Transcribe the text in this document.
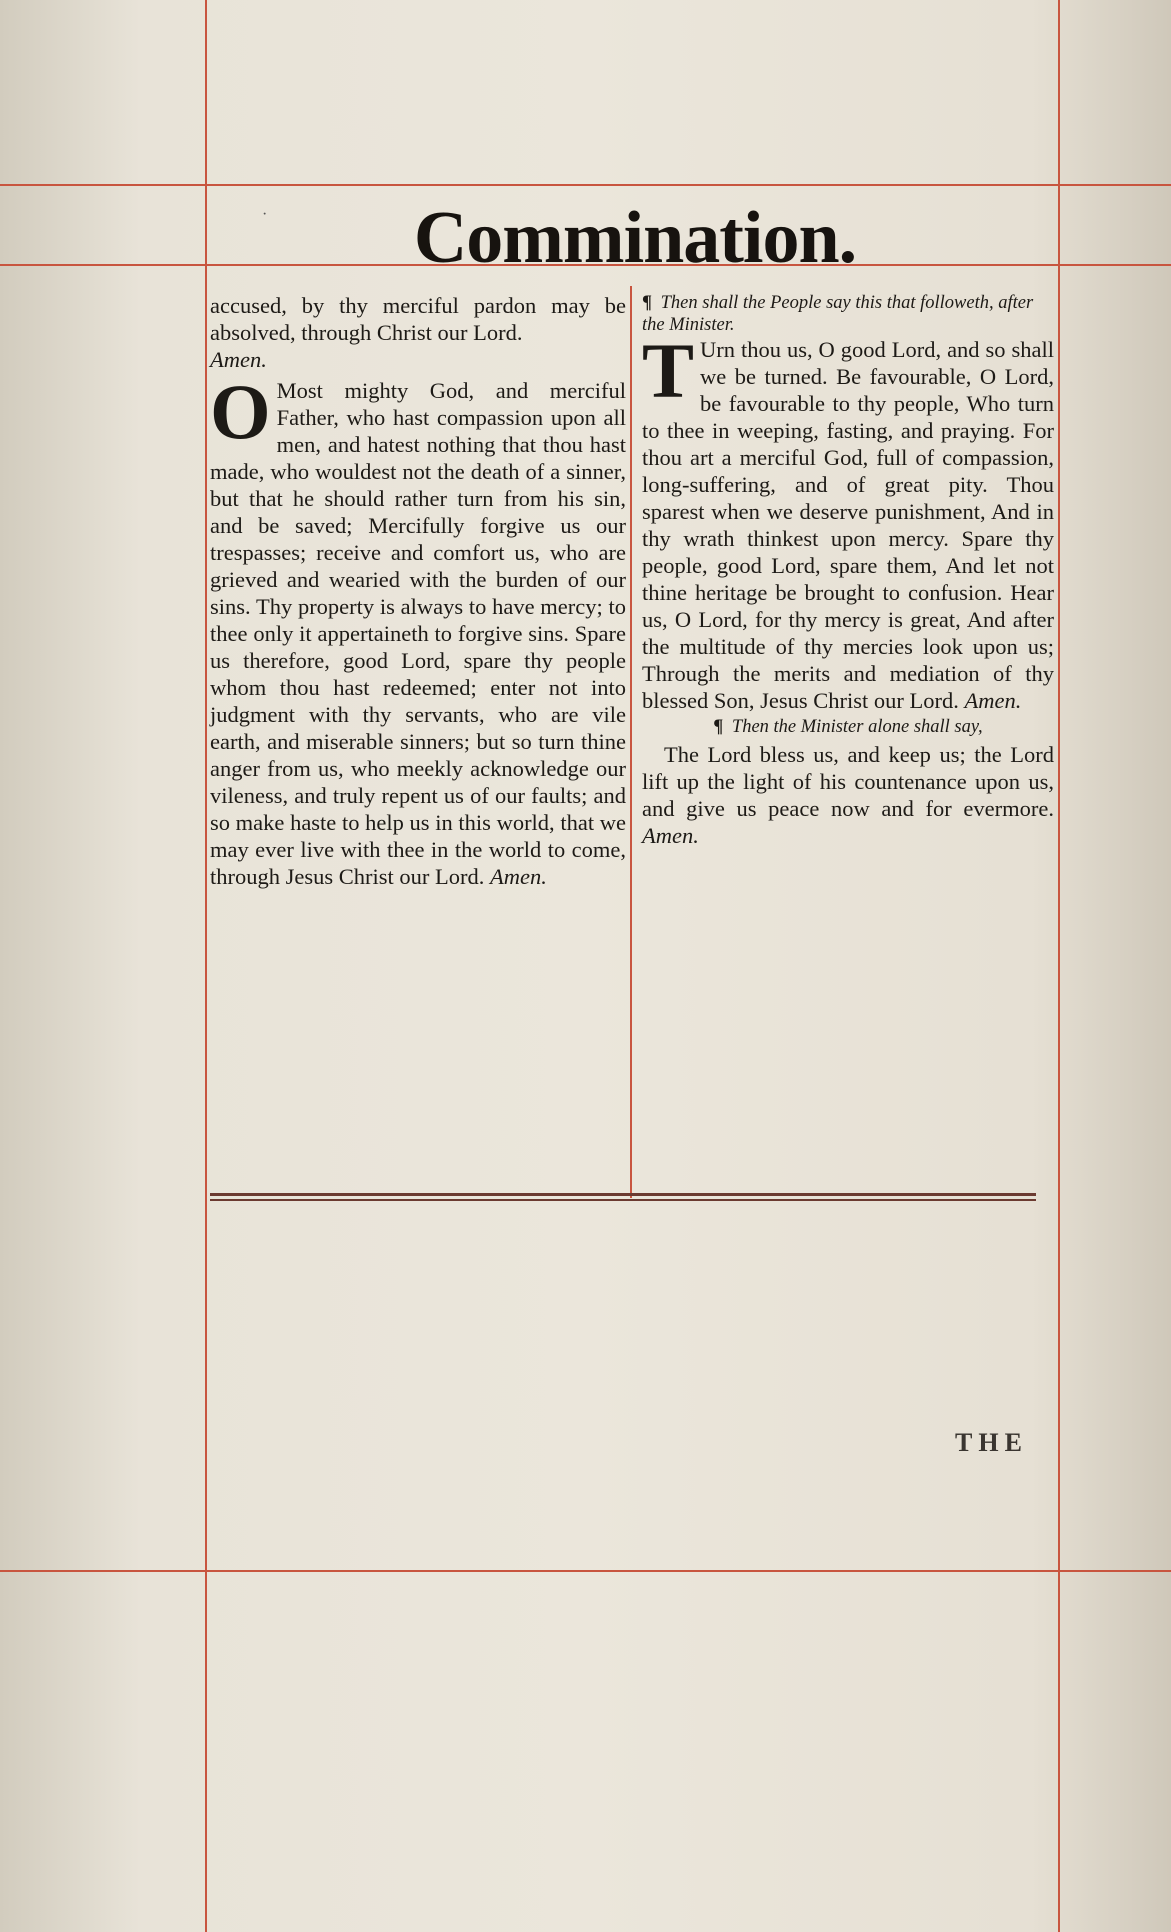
·	Commination.

accused, by thy merciful pardon may be absolved, through Christ our Lord.

Amen.

O Most mighty God, and merciful Father, who hast compassion upon all men, and hatest nothing that thou hast made, who wouldest not the death of a sinner, but that he should rather turn from his sin, and be saved; Mercifully forgive us our trespasses; receive and comfort us, who are grieved and wearied with the burden of our sins. Thy property is always to have mercy; to thee only it appertaineth to forgive sins. Spare us therefore, good Lord, spare thy people whom thou hast redeemed; enter not into judgment with thy servants, who are vile earth, and miserable sinners; but so turn thine anger from us, who meekly acknowledge our vileness, and truly repent us of our faults; and so make haste to help us in this world, that we may ever live with thee in the world to come, through Jesus Christ our Lord. Amen.

¶ Then shall the People say this that followeth, after the Minister.

T Urn thou us, O good Lord, and so shall we be turned. Be favourable, O Lord, be favourable to thy people, Who turn to thee in weeping, fasting, and praying. For thou art a merciful God, full of compassion, long-suffering, and of great pity. Thou sparest when we deserve punishment, And in thy wrath thinkest upon mercy. Spare thy people, good Lord, spare them, And let not thine heritage be brought to confusion. Hear us, O Lord, for thy mercy is great, And after the multitude of thy mercies look upon us; Through the merits and mediation of thy blessed Son, Jesus Christ our Lord. Amen.

¶ Then the Minister alone shall say,

The Lord bless us, and keep us; the Lord lift up the light of his countenance upon us, and give us peace now and for evermore. Amen.

THE
